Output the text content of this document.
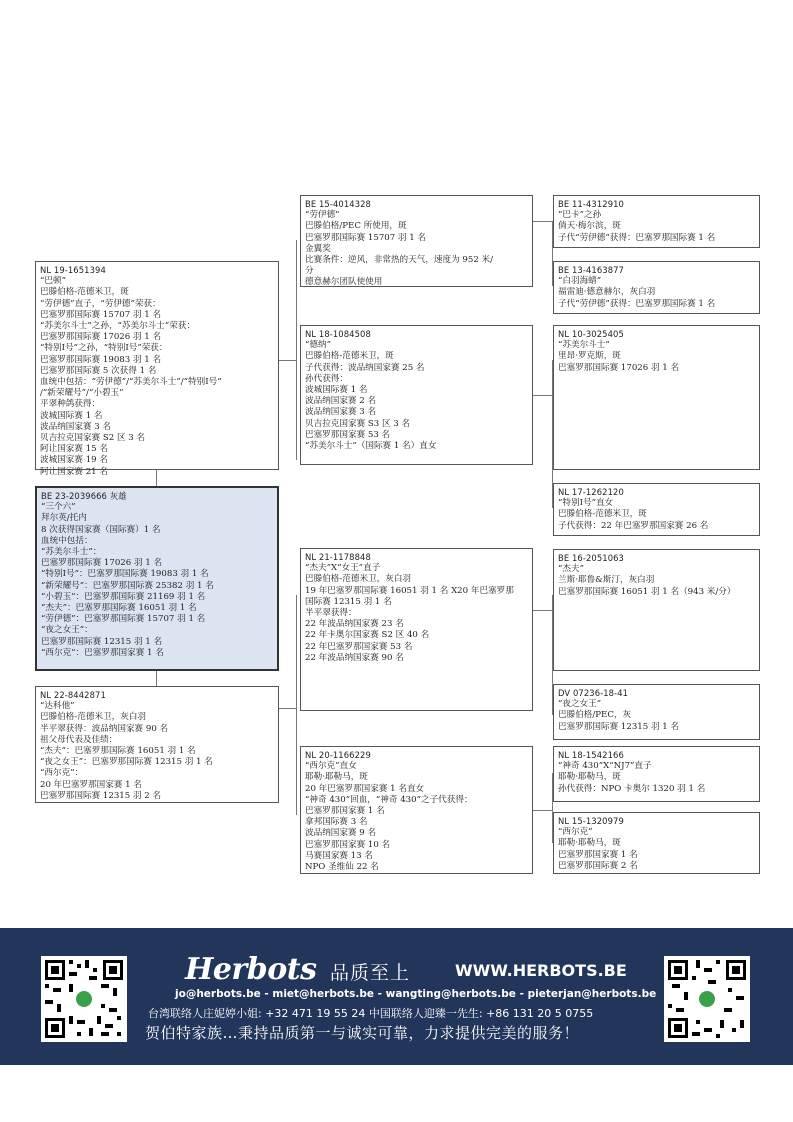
NL 19-1651394
“巴顿”
巴滕伯格-范德米卫，斑
“劳伊德”直子，“劳伊德”荣获：
巴塞罗那国际赛 15707 羽 1 名
“苏美尔斗士”之孙，“苏美尔斗士”荣获：
巴塞罗那国际赛 17026 羽 1 名
“特别Ⅰ号”之孙，“特别Ⅰ号”荣获：
巴塞罗那国际赛 19083 羽 1 名
巴塞罗那国际赛 5 次获得 1 名
血统中包括：“劳伊德”/“苏美尔斗士”/“特别Ⅰ号”
/“新荣耀号”/“小碧玉”
平翠种鸽获得：
波城国际赛 1 名
波品纳国家赛 3 名
贝吉拉克国家赛 S2 区 3 名
阿让国家赛 15 名
波城国家赛 19 名
阿让国家赛 21 名
BE 23-2039666 灰雄
“三个六”
拜尔英/托内
8 次获得国家赛（国际赛）1 名
血统中包括：
“苏美尔斗士”：
巴塞罗那国际赛 17026 羽 1 名
“特别Ⅰ号”：巴塞罗那国际赛 19083 羽 1 名
“新荣耀号”：巴塞罗那国际赛 25382 羽 1 名
“小碧玉”：巴塞罗那国际赛 21169 羽 1 名
“杰夫”：巴塞罗那国际赛 16051 羽 1 名
“劳伊德”：巴塞罗那国际赛 15707 羽 1 名
“夜之女王”：
巴塞罗那国际赛 12315 羽 1 名
“西尔克”：巴塞罗那国家赛 1 名
NL 22-8442871
“达科他”
巴滕伯格-范德米卫，灰白羽
半平翠获得：波品纳国家赛 90 名
祖父母代表及佳绩：
“杰夫”：巴塞罗那国际赛 16051 羽 1 名
“夜之女王”：巴塞罗那国际赛 12315 羽 1 名
“西尔克”：
20 年巴塞罗那国家赛 1 名
巴塞罗那国际赛 12315 羽 2 名
BE 15-4014328
“劳伊德”
巴滕伯格/PEC 所使用，斑
巴塞罗那国际赛 15707 羽 1 名
金翼奖
比赛条件：逆风，非常热的天气，速度为 952 米/
分
德意赫尔团队使使用
NL 18-1084508
“德纳”
巴滕伯格-范德米卫，斑
子代获得：波品纳国家赛 25 名
孙代获得：
波城国际赛 1 名
波品纳国家赛 2 名
波品纳国家赛 3 名
贝吉拉克国家赛 S3 区 3 名
巴塞罗那国家赛 53 名
“苏美尔斗士”（国际赛 1 名）直女
NL 21-1178848
“杰夫”X“女王”直子
巴滕伯格-范德米卫，灰白羽
19 年巴塞罗那国际赛 16051 羽 1 名 X20 年巴塞罗那
国际赛 12315 羽 1 名
半平翠获得：
22 年波品纳国家赛 23 名
22 年卡奥尔国家赛 S2 区 40 名
22 年巴塞罗那国家赛 53 名
22 年波品纳国家赛 90 名
NL 20-1166229
“西尔克”直女
耶勒·耶勒马，斑
20 年巴塞罗那国家赛 1 名直女
“神奇 430”回血，“神奇 430”之子代获得：
巴塞罗那国家赛 1 名
拿邦国际赛 3 名
波品纳国家赛 9 名
巴塞罗那国家赛 10 名
马赛国家赛 13 名
NPO 圣维仙 22 名
BE 11-4312910
“巴卡”之孙
倘天·梅尔滨，斑
子代“劳伊德”获得：巴塞罗那国际赛 1 名
BE 13-4163877
“白羽海蜻”
福雷迪·德意赫尔，灰白羽
子代“劳伊德”获得：巴塞罗那国际赛 1 名
NL 10-3025405
“苏美尔斗士”
里昂·罗克斯，斑
巴塞罗那国际赛 17026 羽 1 名
NL 17-1262120
“特别Ⅰ号”直女
巴滕伯格-范德米卫，斑
子代获得：22 年巴塞罗那国家赛 26 名
BE 16-2051063
“杰夫”
兰斯·耶鲁&斯汀，灰白羽
巴塞罗那国际赛 16051 羽 1 名（943 米/分）
DV 07236-18-41
“夜之女王”
巴滕伯格/PEC，灰
巴塞罗那国际赛 12315 羽 1 名
NL 18-1542166
“神奇 430”X“NJ7”直子
耶勒·耶勒马，斑
孙代获得：NPO 卡奥尔 1320 羽 1 名
NL 15-1320979
“西尔克”
耶勒·耶勒马，斑
巴塞罗那国家赛 1 名
巴塞罗那国际赛 2 名
Herbots 品质至上	WWW.HERBOTS.BE
jo@herbots.be - miet@herbots.be - wangting@herbots.be - pieterjan@herbots.be
台湾联络人庄妮婷小姐: +32 471 19 55 24 中国联络人迎臻一先生: +86 131 20 5 0755
贺伯特家族…秉持品质第一与诚实可靠，力求提供完美的服务！
